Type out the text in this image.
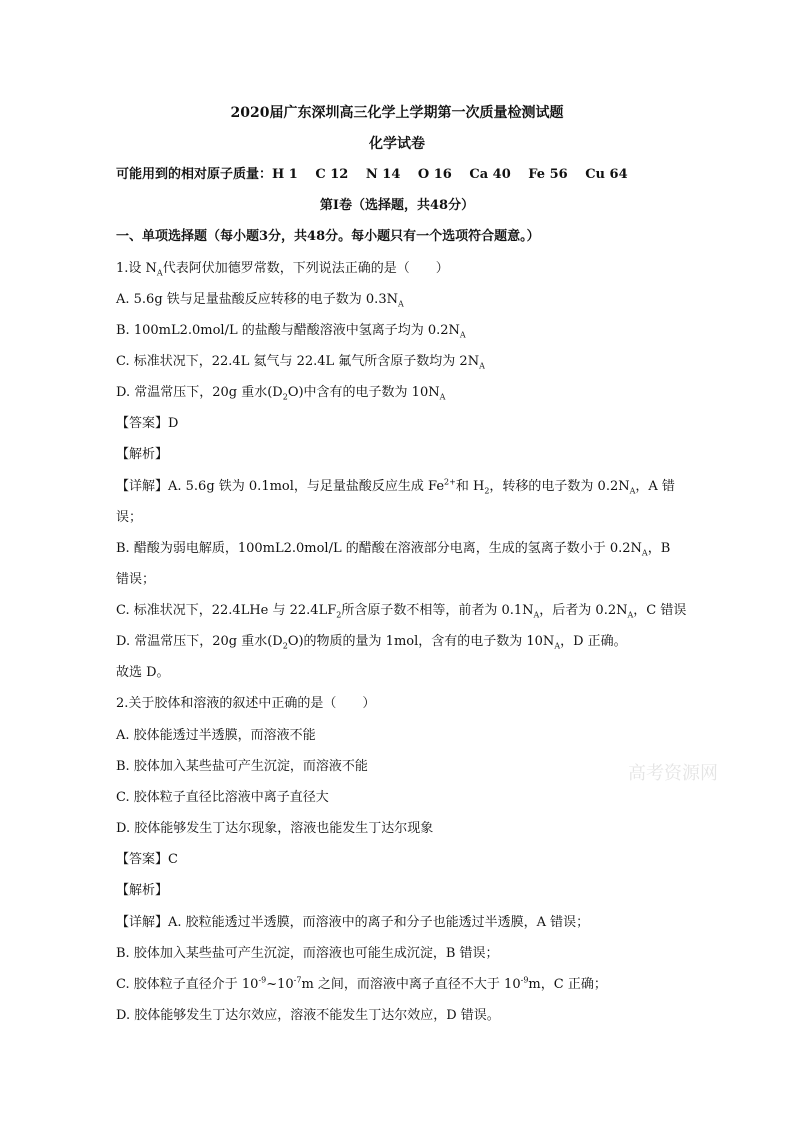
2020届广东深圳高三化学上学期第一次质量检测试题
化学试卷
可能用到的相对原子质量：H 1　 C 12　 N 14　 O 16　 Ca 40　 Fe 56　 Cu 64
第Ⅰ卷（选择题，共48分）
一、单项选择题（每小题3分，共48分。每小题只有一个选项符合题意。）
1.设 $N_A$代表阿伏加德罗常数，下列说法正确的是（　　）
A. 5.6g 铁与足量盐酸反应转移的电子数为 $0.3N_A$
B. 100mL2.0mol/L 的盐酸与醋酸溶液中氢离子均为 $0.2N_A$
C. 标准状况下，22.4L 氦气与 22.4L 氟气所含原子数均为 $2N_A$
D. 常温常压下，20g 重水$(D_2O)$中含有的电子数为 $10N_A$
【答案】D
【解析】
【详解】A. 5.6g 铁为 0.1mol，与足量盐酸反应生成 $Fe^{2+}$和 $H_2$，转移的电子数为 $0.2N_A$，A 错
误；
B. 醋酸为弱电解质，100mL2.0mol/L 的醋酸在溶液部分电离，生成的氢离子数小于 $0.2N_A$，B
错误；
C. 标准状况下，22.4LHe 与 $22.4LF_2$所含原子数不相等，前者为 $0.1N_A$，后者为 $0.2N_A$，C 错误
D. 常温常压下，20g 重水$(D_2O)$的物质的量为 1mol，含有的电子数为 $10N_A$，D 正确。
故选 D。
2.关于胶体和溶液的叙述中正确的是（　　）
A. 胶体能透过半透膜，而溶液不能
B. 胶体加入某些盐可产生沉淀，而溶液不能
C. 胶体粒子直径比溶液中离子直径大
D. 胶体能够发生丁达尔现象，溶液也能发生丁达尔现象
【答案】C
【解析】
【详解】A. 胶粒能透过半透膜，而溶液中的离子和分子也能透过半透膜，A 错误；
B. 胶体加入某些盐可产生沉淀，而溶液也可能生成沉淀，B 错误；
C. 胶体粒子直径介于 $10^{-9}\sim 10^{-7}m$ 之间，而溶液中离子直径不大于 $10^{-9}m$，C 正确；
D. 胶体能够发生丁达尔效应，溶液不能发生丁达尔效应，D 错误。
高考资源网
